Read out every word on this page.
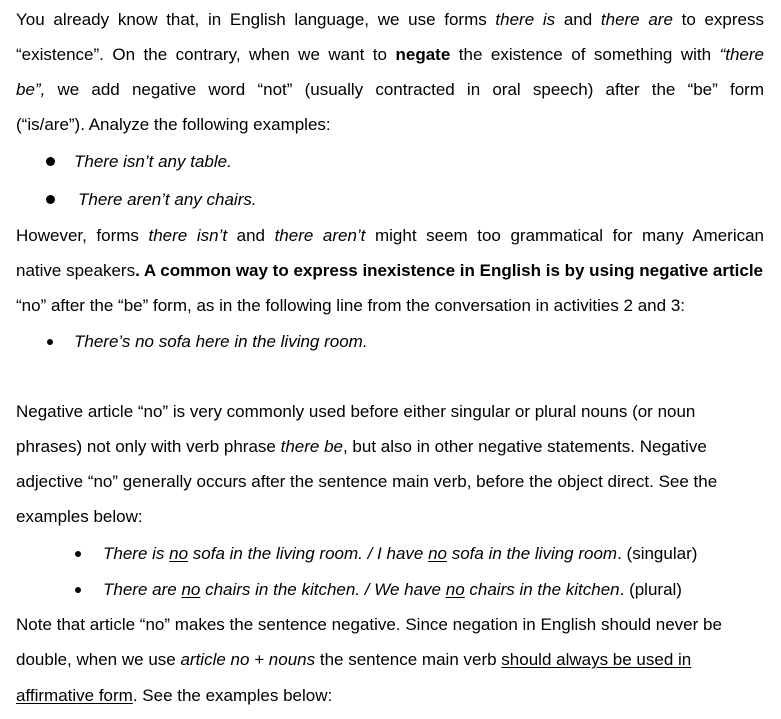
You already know that, in English language, we use forms there is and there are to express
“existence”. On the contrary, when we want to negate the existence of something with “there
be”, we add negative word “not” (usually contracted in oral speech) after the “be” form
(“is/are”). Analyze the following examples:
There isn’t any table.
There aren’t any chairs.
However, forms there isn’t and there aren’t might seem too grammatical for many American
native speakers. A common way to express inexistence in English is by using negative article
“no” after the “be” form, as in the following line from the conversation in activities 2 and 3:
There’s no sofa here in the living room.
Negative article “no” is very commonly used before either singular or plural nouns (or noun
phrases) not only with verb phrase there be, but also in other negative statements. Negative
adjective “no” generally occurs after the sentence main verb, before the object direct. See the
examples below:
There is no sofa in the living room. / I have no sofa in the living room. (singular)
There are no chairs in the kitchen. / We have no chairs in the kitchen. (plural)
Note that article “no” makes the sentence negative. Since negation in English should never be
double, when we use article no + nouns the sentence main verb should always be used in
affirmative form. See the examples below:
